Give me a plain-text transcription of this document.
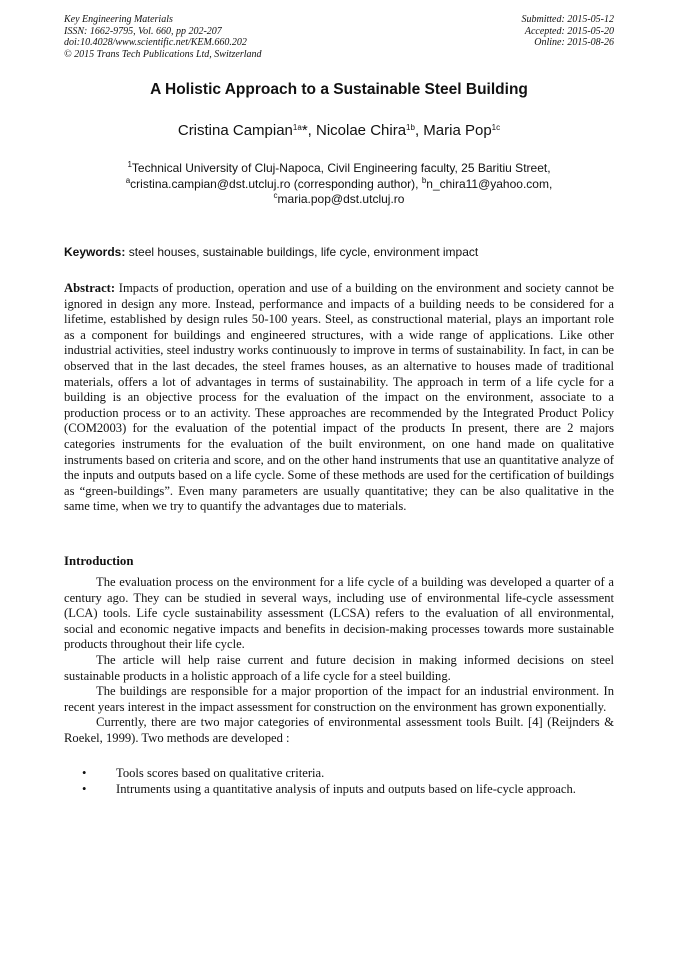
Key Engineering Materials
ISSN: 1662-9795, Vol. 660, pp 202-207
doi:10.4028/www.scientific.net/KEM.660.202
© 2015 Trans Tech Publications Ltd, Switzerland
Submitted: 2015-05-12
Accepted: 2015-05-20
Online: 2015-08-26
A Holistic Approach to a Sustainable Steel Building
Cristina Campian$^{1a}$*, Nicolae Chira$^{1b}$, Maria Pop$^{1c}$
$^1$Technical University of Cluj-Napoca, Civil Engineering faculty, 25 Baritiu Street,
$^a$cristina.campian@dst.utcluj.ro (corresponding author), $^b$n_chira11@yahoo.com,
$^c$maria.pop@dst.utcluj.ro
Keywords: steel houses, sustainable buildings, life cycle, environment impact
Abstract: Impacts of production, operation and use of a building on the environment and society cannot be ignored in design any more. Instead, performance and impacts of a building needs to be considered for a lifetime, established by design rules 50-100 years. Steel, as constructional material, plays an important role as a component for buildings and engineered structures, with a wide range of applications. Like other industrial activities, steel industry works continuously to improve in terms of sustainability. In fact, in can be observed that in the last decades, the steel frames houses, as an alternative to houses made of traditional materials, offers a lot of advantages in terms of sustainability. The approach in term of a life cycle for a building is an objective process for the evaluation of the impact on the environment, associate to a production process or to an activity. These approaches are recommended by the Integrated Product Policy (COM2003) for the evaluation of the potential impact of the products In present, there are 2 majors categories instruments for the evaluation of the built environment, on one hand made on qualitative instruments based on criteria and score, and on the other hand instruments that use an quantitative analyze of the inputs and outputs based on a life cycle. Some of these methods are used for the certification of buildings as “green-buildings”. Even many parameters are usually quantitative; they can be also qualitative in the same time, when we try to quantify the advantages due to materials.
Introduction

The evaluation process on the environment for a life cycle of a building was developed a quarter of a century ago. They can be studied in several ways, including use of environmental life-cycle assessment (LCA) tools. Life cycle sustainability assessment (LCSA) refers to the evaluation of all environmental, social and economic negative impacts and benefits in decision-making processes towards more sustainable products throughout their life cycle.

The article will help raise current and future decision in making informed decisions on steel sustainable products in a holistic approach of a life cycle for a steel building.

The buildings are responsible for a major proportion of the impact for an industrial environment. In recent years interest in the impact assessment for construction on the environment has grown exponentially.

Currently, there are two major categories of environmental assessment tools Built. [4] (Reijnders & Roekel, 1999). Two methods are developed :

•	Tools scores based on qualitative criteria.
•	Intruments using a quantitative analysis of inputs and outputs based on life-cycle approach.
